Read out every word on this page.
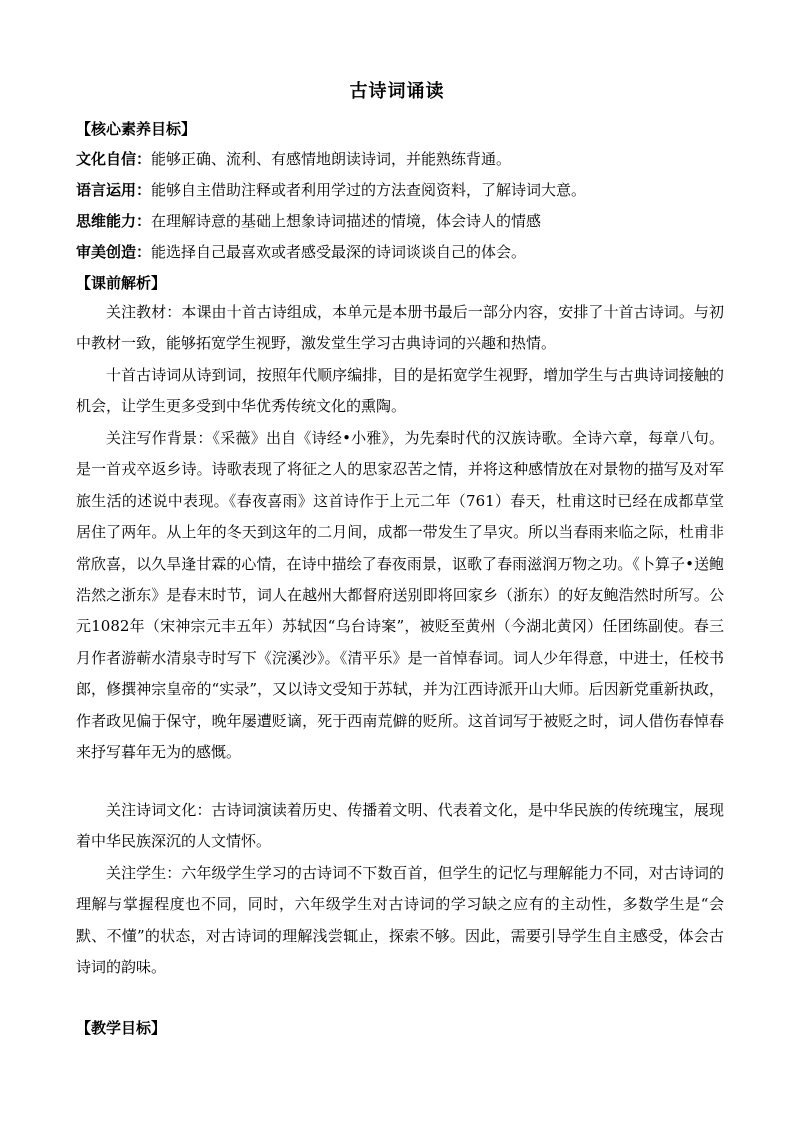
古诗词诵读
【核心素养目标】
文化自信：能够正确、流利、有感情地朗读诗词，并能熟练背通。
语言运用：能够自主借助注释或者利用学过的方法查阅资料，了解诗词大意。
思维能力：在理解诗意的基础上想象诗词描述的情境，体会诗人的情感
审美创造：能选择自己最喜欢或者感受最深的诗词谈谈自己的体会。
【课前解析】
关注教材：本课由十首古诗组成，本单元是本册书最后一部分内容，安排了十首古诗词。与初中教材一致，能够拓宽学生视野，激发堂生学习古典诗词的兴趣和热情。
十首古诗词从诗到词，按照年代顺序编排，目的是拓宽学生视野，增加学生与古典诗词接触的机会，让学生更多受到中华优秀传统文化的熏陶。
关注写作背景：《采薇》出自《诗经•小雅》，为先秦时代的汉族诗歌。全诗六章，每章八句。是一首戎卒返乡诗。诗歌表现了将征之人的思家忍苦之情，并将这种感情放在对景物的描写及对军旅生活的述说中表现。《春夜喜雨》这首诗作于上元二年（761）春天，杜甫这时已经在成都草堂居住了两年。从上年的冬天到这年的二月间，成都一带发生了旱灾。所以当春雨来临之际，杜甫非常欣喜，以久旱逢甘霖的心情，在诗中描绘了春夜雨景，讴歌了春雨滋润万物之功。《卜算子•送鲍浩然之浙东》是春末时节，词人在越州大都督府送别即将回家乡（浙东）的好友鲍浩然时所写。公元1082年（宋神宗元丰五年）苏轼因“乌台诗案”，被贬至黄州（今湖北黄冈）任团练副使。春三月作者游蕲水清泉寺时写下《浣溪沙》。《清平乐》是一首悼春词。词人少年得意，中进士，任校书郎，修撰神宗皇帝的“实录”，又以诗文受知于苏轼，并为江西诗派开山大师。后因新党重新执政，作者政见偏于保守，晚年屡遭贬谪，死于西南荒僻的贬所。这首词写于被贬之时，词人借伤春悼春来抒写暮年无为的感慨。
关注诗词文化：古诗词演读着历史、传播着文明、代表着文化，是中华民族的传统瑰宝，展现着中华民族深沉的人文情怀。
关注学生：六年级学生学习的古诗词不下数百首，但学生的记忆与理解能力不同，对古诗词的理解与掌握程度也不同，同时，六年级学生对古诗词的学习缺之应有的主动性，多数学生是“会默、不懂”的状态，对古诗词的理解浅尝辄止，探索不够。因此，需要引导学生自主感受，体会古诗词的韵味。
【教学目标】
